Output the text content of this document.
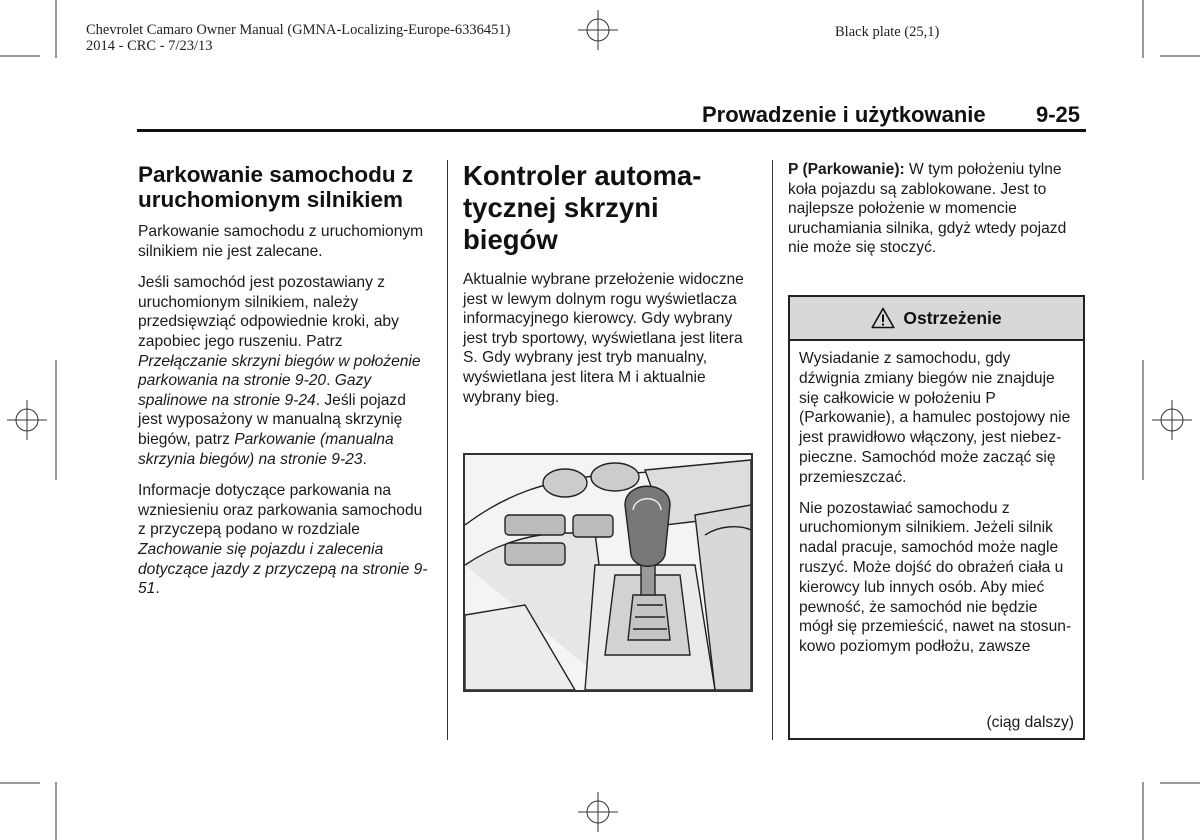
Chevrolet Camaro Owner Manual (GMNA-Localizing-Europe-6336451)
2014 - CRC - 7/23/13
Black plate (25,1)
Prowadzenie i użytkowanie 9-25
Parkowanie samochodu z uruchomionym silnikiem

Parkowanie samochodu z uruchomionym silnikiem nie jest zalecane.

Jeśli samochód jest pozostawiany z uruchomionym silnikiem, należy przedsięwziąć odpowiednie kroki, aby zapobiec jego ruszeniu. Patrz Przełączanie skrzyni biegów w położenie parkowania na stronie 9-20. Gazy spalinowe na stronie 9-24. Jeśli pojazd jest wyposażony w manualną skrzynię biegów, patrz Parkowanie (manualna skrzynia biegów) na stronie 9-23.

Informacje dotyczące parkowania na wzniesieniu oraz parkowania samochodu z przyczepą podano w rozdziale Zachowanie się pojazdu i zalecenia dotyczące jazdy z przyczepą na stronie 9-51.

Kontroler automatycznej skrzyni biegów

Aktualnie wybrane przełożenie widoczne jest w lewym dolnym rogu wyświetlacza informacyjnego kierowcy. Gdy wybrany jest tryb sportowy, wyświetlana jest litera S. Gdy wybrany jest tryb manualny, wyświetlana jest litera M i aktualnie wybrany bieg.

P (Parkowanie): W tym położeniu tylne koła pojazdu są zablokowane. Jest to najlepsze położenie w momencie uruchamiania silnika, gdyż wtedy pojazd nie może się stoczyć.

Ostrzeżenie

Wysiadanie z samochodu, gdy dźwignia zmiany biegów nie znajduje się całkowicie w położeniu P (Parkowanie), a hamulec postojowy nie jest prawidłowo włączony, jest niebezpieczne. Samochód może zacząć się przemieszczać.

Nie pozostawiać samochodu z uruchomionym silnikiem. Jeżeli silnik nadal pracuje, samochód może nagle ruszyć. Może dojść do obrażeń ciała u kierowcy lub innych osób. Aby mieć pewność, że samochód nie będzie mógł się przemieścić, nawet na stosunkowo poziomym podłożu, zawsze

(ciąg dalszy)
